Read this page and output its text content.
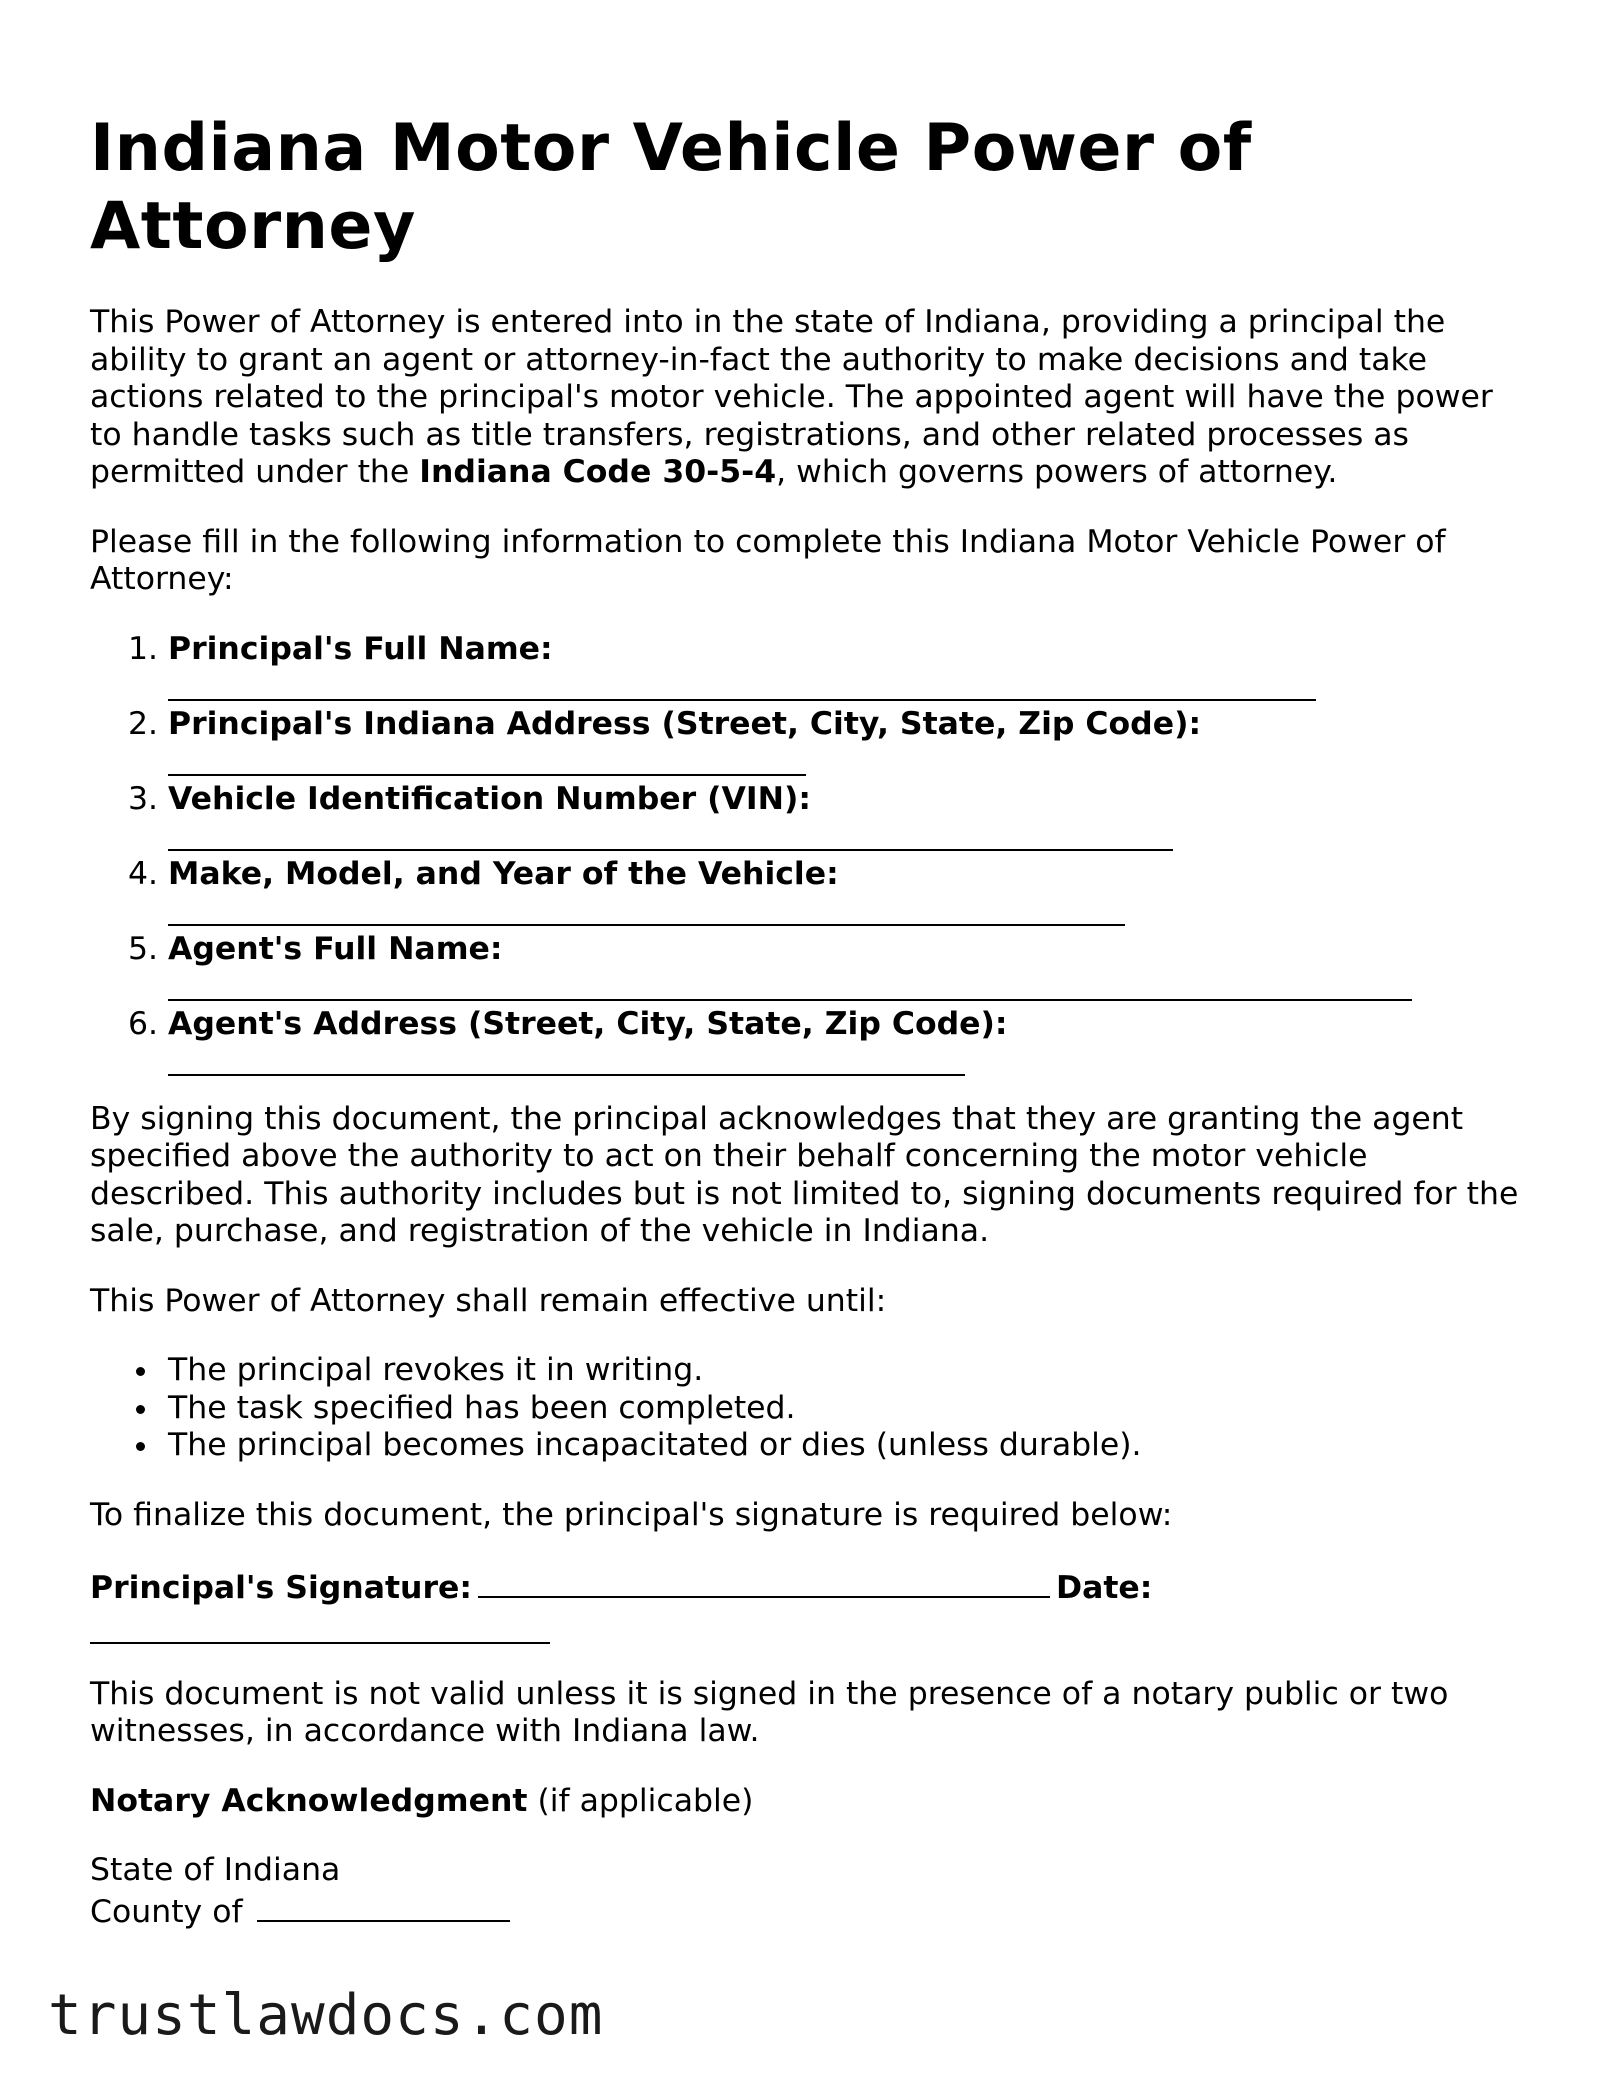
Indiana Motor Vehicle Power of Attorney

This Power of Attorney is entered into in the state of Indiana, providing a principal the ability to grant an agent or attorney-in-fact the authority to make decisions and take actions related to the principal's motor vehicle. The appointed agent will have the power to handle tasks such as title transfers, registrations, and other related processes as permitted under the Indiana Code 30-5-4, which governs powers of attorney.

Please fill in the following information to complete this Indiana Motor Vehicle Power of Attorney:

1. Principal's Full Name:
2. Principal's Indiana Address (Street, City, State, Zip Code):
3. Vehicle Identification Number (VIN):
4. Make, Model, and Year of the Vehicle:
5. Agent's Full Name:
6. Agent's Address (Street, City, State, Zip Code):

By signing this document, the principal acknowledges that they are granting the agent specified above the authority to act on their behalf concerning the motor vehicle described. This authority includes but is not limited to, signing documents required for the sale, purchase, and registration of the vehicle in Indiana.

This Power of Attorney shall remain effective until:

The principal revokes it in writing.
The task specified has been completed.
The principal becomes incapacitated or dies (unless durable).

To finalize this document, the principal's signature is required below:

Principal's Signature:	Date:

This document is not valid unless it is signed in the presence of a notary public or two witnesses, in accordance with Indiana law.

Notary Acknowledgment (if applicable)

State of Indiana

County of

trustlawdocs.com
